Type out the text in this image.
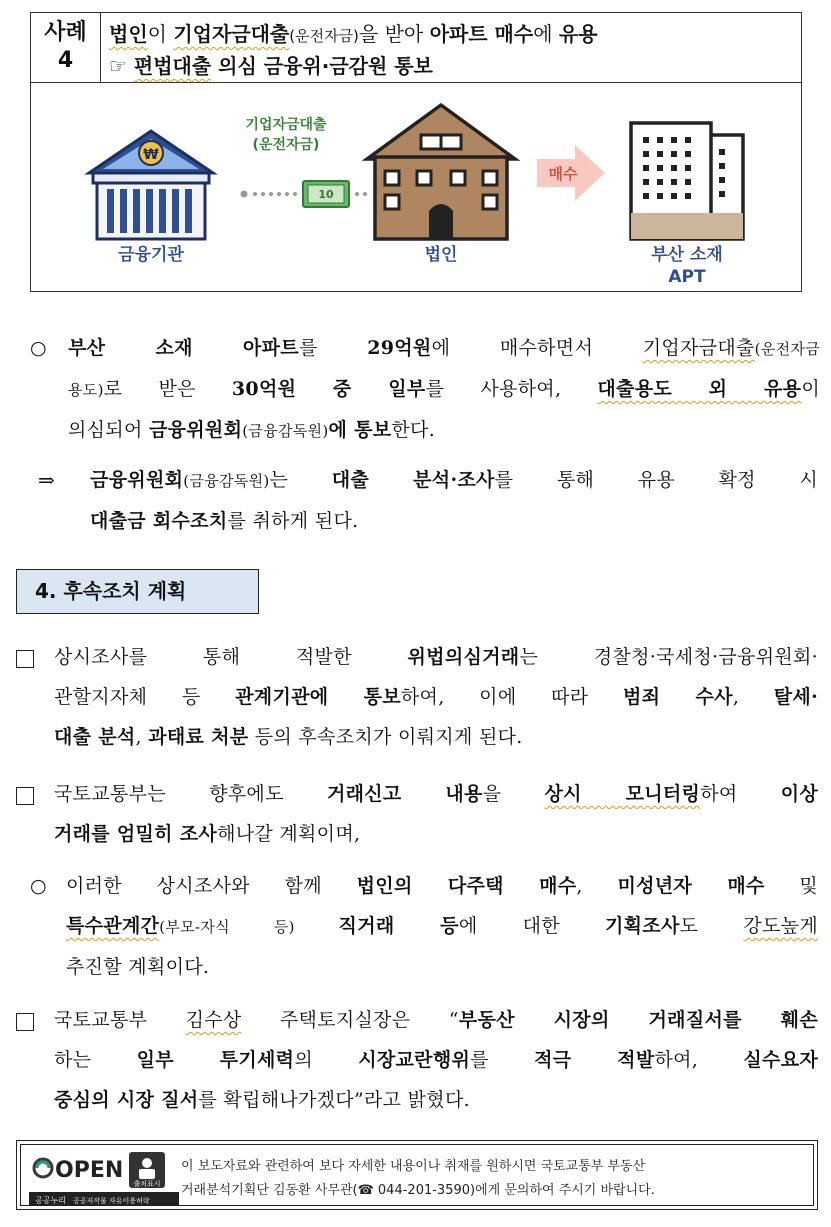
사례
4
법인이 기업자금대출(운전자금)을 받아 아파트 매수에 유용
☞ 편법대출 의심 금융위·금감원 통보
₩
금융기관
기업자금대출
(운전자금)
10
법인
매수
부산 소재
APT
○ 부산 소재 아파트를 29억원에 매수하면서 기업자금대출(운전자금
용도)로 받은 30억원 중 일부를 사용하여, 대출용도 외 유용이
의심되어 금융위원회(금융감독원)에 통보한다.
⇒ 금융위원회(금융감독원)는 대출 분석·조사를 통해 유용 확정 시
대출금 회수조치를 취하게 된다.
4. 후속조치 계획
상시조사를 통해 적발한 위법의심거래는 경찰청·국세청·금융위원회·
관할지자체 등 관계기관에 통보하여, 이에 따라 범죄 수사, 탈세·
대출 분석, 과태료 처분 등의 후속조치가 이뤄지게 된다.
국토교통부는 향후에도 거래신고 내용을 상시 모니터링하여 이상
거래를 엄밀히 조사해나갈 계획이며,
○ 이러한 상시조사와 함께 법인의 다주택 매수, 미성년자 매수 및
특수관계간(부모-자식 등) 직거래 등에 대한 기획조사도 강도높게
추진할 계획이다.
국토교통부 김수상 주택토지실장은 “부동산 시장의 거래질서를 훼손
하는 일부 투기세력의 시장교란행위를 적극 적발하여, 실수요자
중심의 시장 질서를 확립해나가겠다”라고 밝혔다.
OPEN
출처표시
공공누리 공공저작물 자유이용허락
이 보도자료와 관련하여 보다 자세한 내용이나 취재를 원하시면 국토교통부 부동산
거래분석기획단 김동환 사무관(☎ 044-201-3590)에게 문의하여 주시기 바랍니다.
